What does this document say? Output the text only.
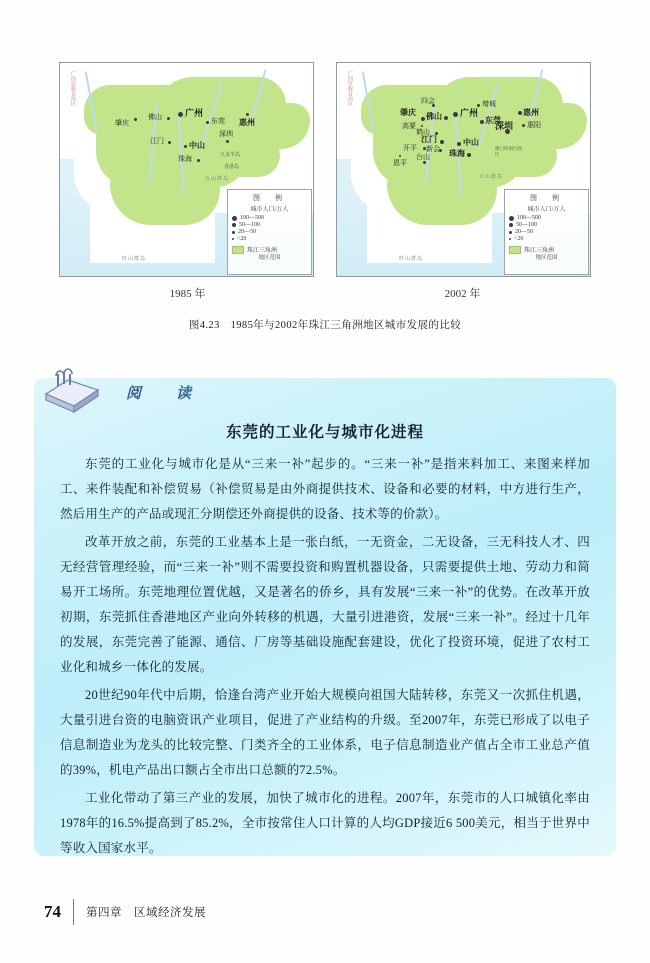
广西壮族自治区
广州
佛山	东莞 惠州
肇庆
江门	中山
深圳
珠海	九龙半岛
香港岛
万山群岛
旺山群岛
图　例
城市人口/万人
100—500
50—100
20—50
<20
珠江三角洲
地区范围
广西壮族自治区
广州
深圳
佛山	东莞
惠州
增城
惠阳
四会
肇庆
高要
鹤山
江门
新会
开平
恩平
台山
中山
珠海
澳门特别行政区
万山群岛
旺山群岛
图　例
城市人口/万人
100—500
50—100
20—50
<20
珠江三角洲
地区范围
1985 年	2002 年
图4.23　1985年与2002年珠江三角洲地区城市发展的比较
阅　读
东莞的工业化与城市化进程

东莞的工业化与城市化是从“三来一补”起步的。“三来一补”是指来料加工、来图来样加工、来件装配和补偿贸易（补偿贸易是由外商提供技术、设备和必要的材料，中方进行生产，然后用生产的产品或现汇分期偿还外商提供的设备、技术等的价款）。

改革开放之前，东莞的工业基本上是一张白纸，一无资金，二无设备，三无科技人才、四无经营管理经验，而“三来一补”则不需要投资和购置机器设备，只需要提供土地、劳动力和简易开工场所。东莞地理位置优越，又是著名的侨乡，具有发展“三来一补”的优势。在改革开放初期，东莞抓住香港地区产业向外转移的机遇，大量引进港资，发展“三来一补”。经过十几年的发展，东莞完善了能源、通信、厂房等基础设施配套建设，优化了投资环境，促进了农村工业化和城乡一体化的发展。

20世纪90年代中后期，恰逢台湾产业开始大规模向祖国大陆转移，东莞又一次抓住机遇，大量引进台资的电脑资讯产业项目，促进了产业结构的升级。至2007年，东莞已形成了以电子信息制造业为龙头的比较完整、门类齐全的工业体系，电子信息制造业产值占全市工业总产值的39%，机电产品出口额占全市出口总额的72.5%。

工业化带动了第三产业的发展，加快了城市化的进程。2007年，东莞市的人口城镇化率由1978年的16.5%提高到了85.2%，全市按常住人口计算的人均GDP接近6 500美元，相当于世界中等收入国家水平。

74 第四章　区域经济发展
